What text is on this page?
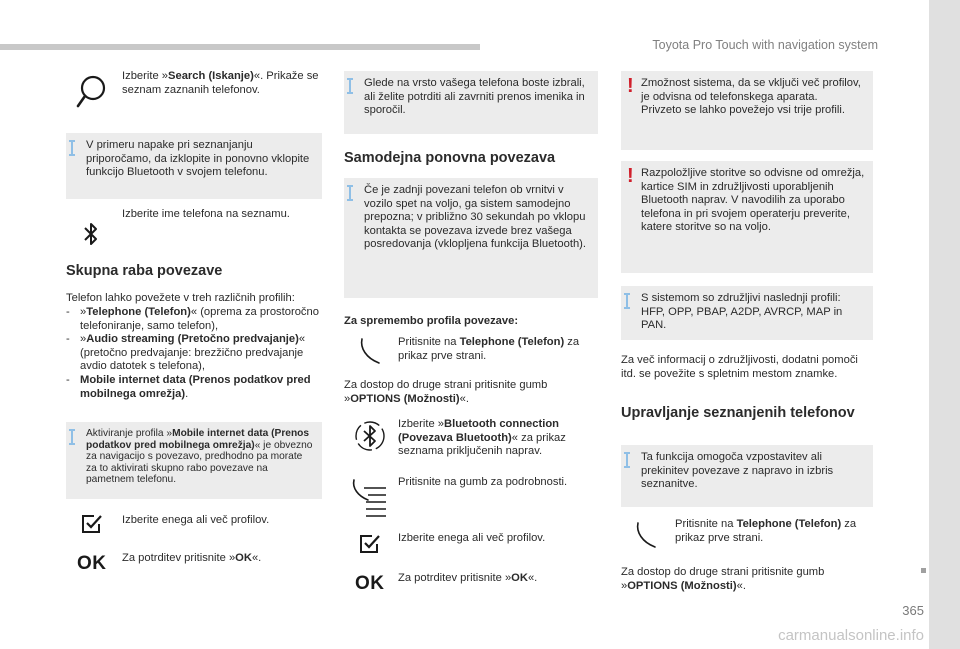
Toyota Pro Touch with navigation system
365
carmanualsonline.info
Izberite »Search (Iskanje)«. Prikaže se seznam zaznanih telefonov.
V primeru napake pri seznanjanju priporočamo, da izklopite in ponovno vklopite funkcijo Bluetooth v svojem telefonu.
Izberite ime telefona na seznamu.
Skupna raba povezave
Telefon lahko povežete v treh različnih profilih:
- »Telephone (Telefon)« (oprema za prostoročno telefoniranje, samo telefon),
- »Audio streaming (Pretočno predvajanje)« (pretočno predvajanje: brezžično predvajanje avdio datotek s telefona),
- Mobile internet data (Prenos podatkov pred mobilnega omrežja).
Aktiviranje profila »Mobile internet data (Prenos podatkov pred mobilnega omrežja)« je obvezno za navigacijo s povezavo, predhodno pa morate za to aktivirati skupno rabo povezave na pametnem telefonu.
Izberite enega ali več profilov.
OK Za potrditev pritisnite »OK«.
Glede na vrsto vašega telefona boste izbrali, ali želite potrditi ali zavrniti prenos imenika in sporočil.
Samodejna ponovna povezava
Če je zadnji povezani telefon ob vrnitvi v vozilo spet na voljo, ga sistem samodejno prepozna; v približno 30 sekundah po vklopu kontakta se povezava izvede brez vašega posredovanja (vklopljena funkcija Bluetooth).
Za spremembo profila povezave:
Pritisnite na Telephone (Telefon) za prikaz prve strani.
Za dostop do druge strani pritisnite gumb »OPTIONS (Možnosti)«.
Izberite »Bluetooth connection (Povezava Bluetooth)« za prikaz seznama priključenih naprav.
Pritisnite na gumb za podrobnosti.
Izberite enega ali več profilov.
OK Za potrditev pritisnite »OK«.
! Zmožnost sistema, da se vključi več profilov, je odvisna od telefonskega aparata.
Privzeto se lahko povežejo vsi trije profili.
! Razpoložljive storitve so odvisne od omrežja, kartice SIM in združljivosti uporabljenih Bluetooth naprav. V navodilih za uporabo telefona in pri svojem operaterju preverite, katere storitve so na voljo.
S sistemom so združljivi naslednji profili: HFP, OPP, PBAP, A2DP, AVRCP, MAP in PAN.
Za več informacij o združljivosti, dodatni pomoči itd. se povežite s spletnim mestom znamke.
Upravljanje seznanjenih telefonov
Ta funkcija omogoča vzpostavitev ali prekinitev povezave z napravo in izbris seznanitve.
Pritisnite na Telephone (Telefon) za prikaz prve strani.
Za dostop do druge strani pritisnite gumb »OPTIONS (Možnosti)«.
